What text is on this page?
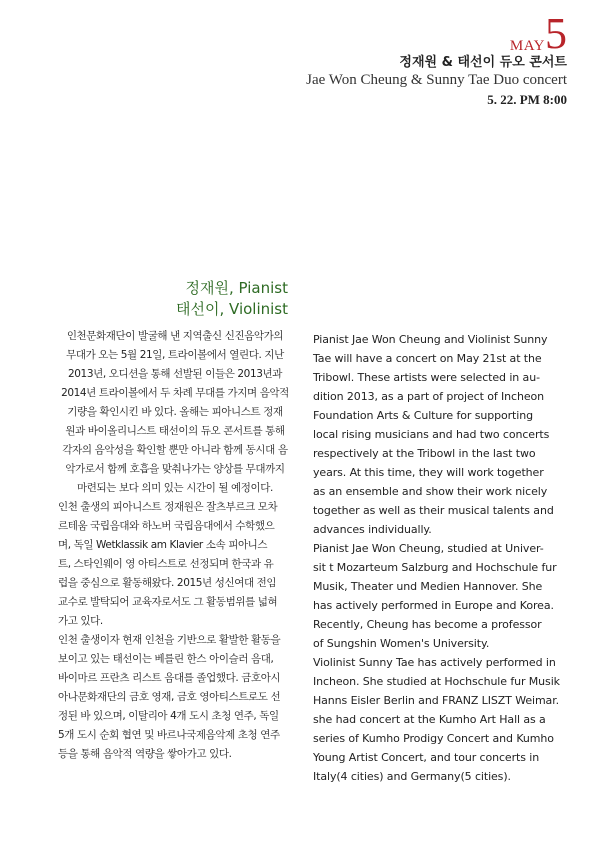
MAY 5
정재원 & 태선이 듀오 콘서트
Jae Won Cheung & Sunny Tae Duo concert
5. 22. PM 8:00
정재원, Pianist
태선이, Violinist

인천문화재단이 발굴해 낸 지역출신 신진음악가의

무대가 오는 5월 21일, 트라이볼에서 열린다. 지난

2013년, 오디션을 통해 선발된 이들은 2013년과

2014년 트라이볼에서 두 차례 무대를 가지며 음악적

기량을 확인시킨 바 있다. 올해는 피아니스트 정재

원과 바이올리니스트 태선이의 듀오 콘서트를 통해

각자의 음악성을 확인할 뿐만 아니라 함께 동시대 음

악가로서 함께 호흡을 맞춰나가는 양상를 무대까지

마련되는 보다 의미 있는 시간이 될 예정이다.

인천 출생의 피아니스트 정재원은 잘츠부르크 모차

르테움 국립음대와 하노버 국립음대에서 수학했으

며, 독일 Wetklassik am Klavier 소속 피아니스

트, 스타인웨이 영 아티스트로 선정되며 한국과 유

럽을 중심으로 활동해왔다. 2015년 성신여대 전임

교수로 발탁되어 교육자로서도 그 활동범위를 넓혀

가고 있다.

인천 출생이자 현재 인천을 기반으로 활발한 활동을

보이고 있는 태선이는 베를린 한스 아이슬러 음대,

바이마르 프란츠 리스트 음대를 졸업했다. 금호아시

아나문화재단의 금호 영재, 금호 영아티스트로도 선

정된 바 있으며, 이탈리아 4개 도시 초청 연주, 독일

5개 도시 순회 협연 및 바르나국제음악제 초청 연주

등을 통해 음악적 역량을 쌓아가고 있다.

Pianist Jae Won Cheung and Violinist Sunny

Tae will have a concert on May 21st at the

Tribowl. These artists were selected in au-

dition 2013, as a part of project of Incheon

Foundation Arts & Culture for supporting

local rising musicians and had two concerts

respectively at the Tribowl in the last two

years. At this time, they will work together

as an ensemble and show their work nicely

together as well as their musical talents and

advances individually.

Pianist Jae Won Cheung, studied at Univer-

sit t Mozarteum Salzburg and Hochschule fur

Musik, Theater und Medien Hannover. She

has actively performed in Europe and Korea.

Recently, Cheung has become a professor

of Sungshin Women's University.

Violinist Sunny Tae has actively performed in

Incheon. She studied at Hochschule fur Musik

Hanns Eisler Berlin and FRANZ LISZT Weimar.

she had concert at the Kumho Art Hall as a

series of Kumho Prodigy Concert and Kumho

Young Artist Concert, and tour concerts in

Italy(4 cities) and Germany(5 cities).
